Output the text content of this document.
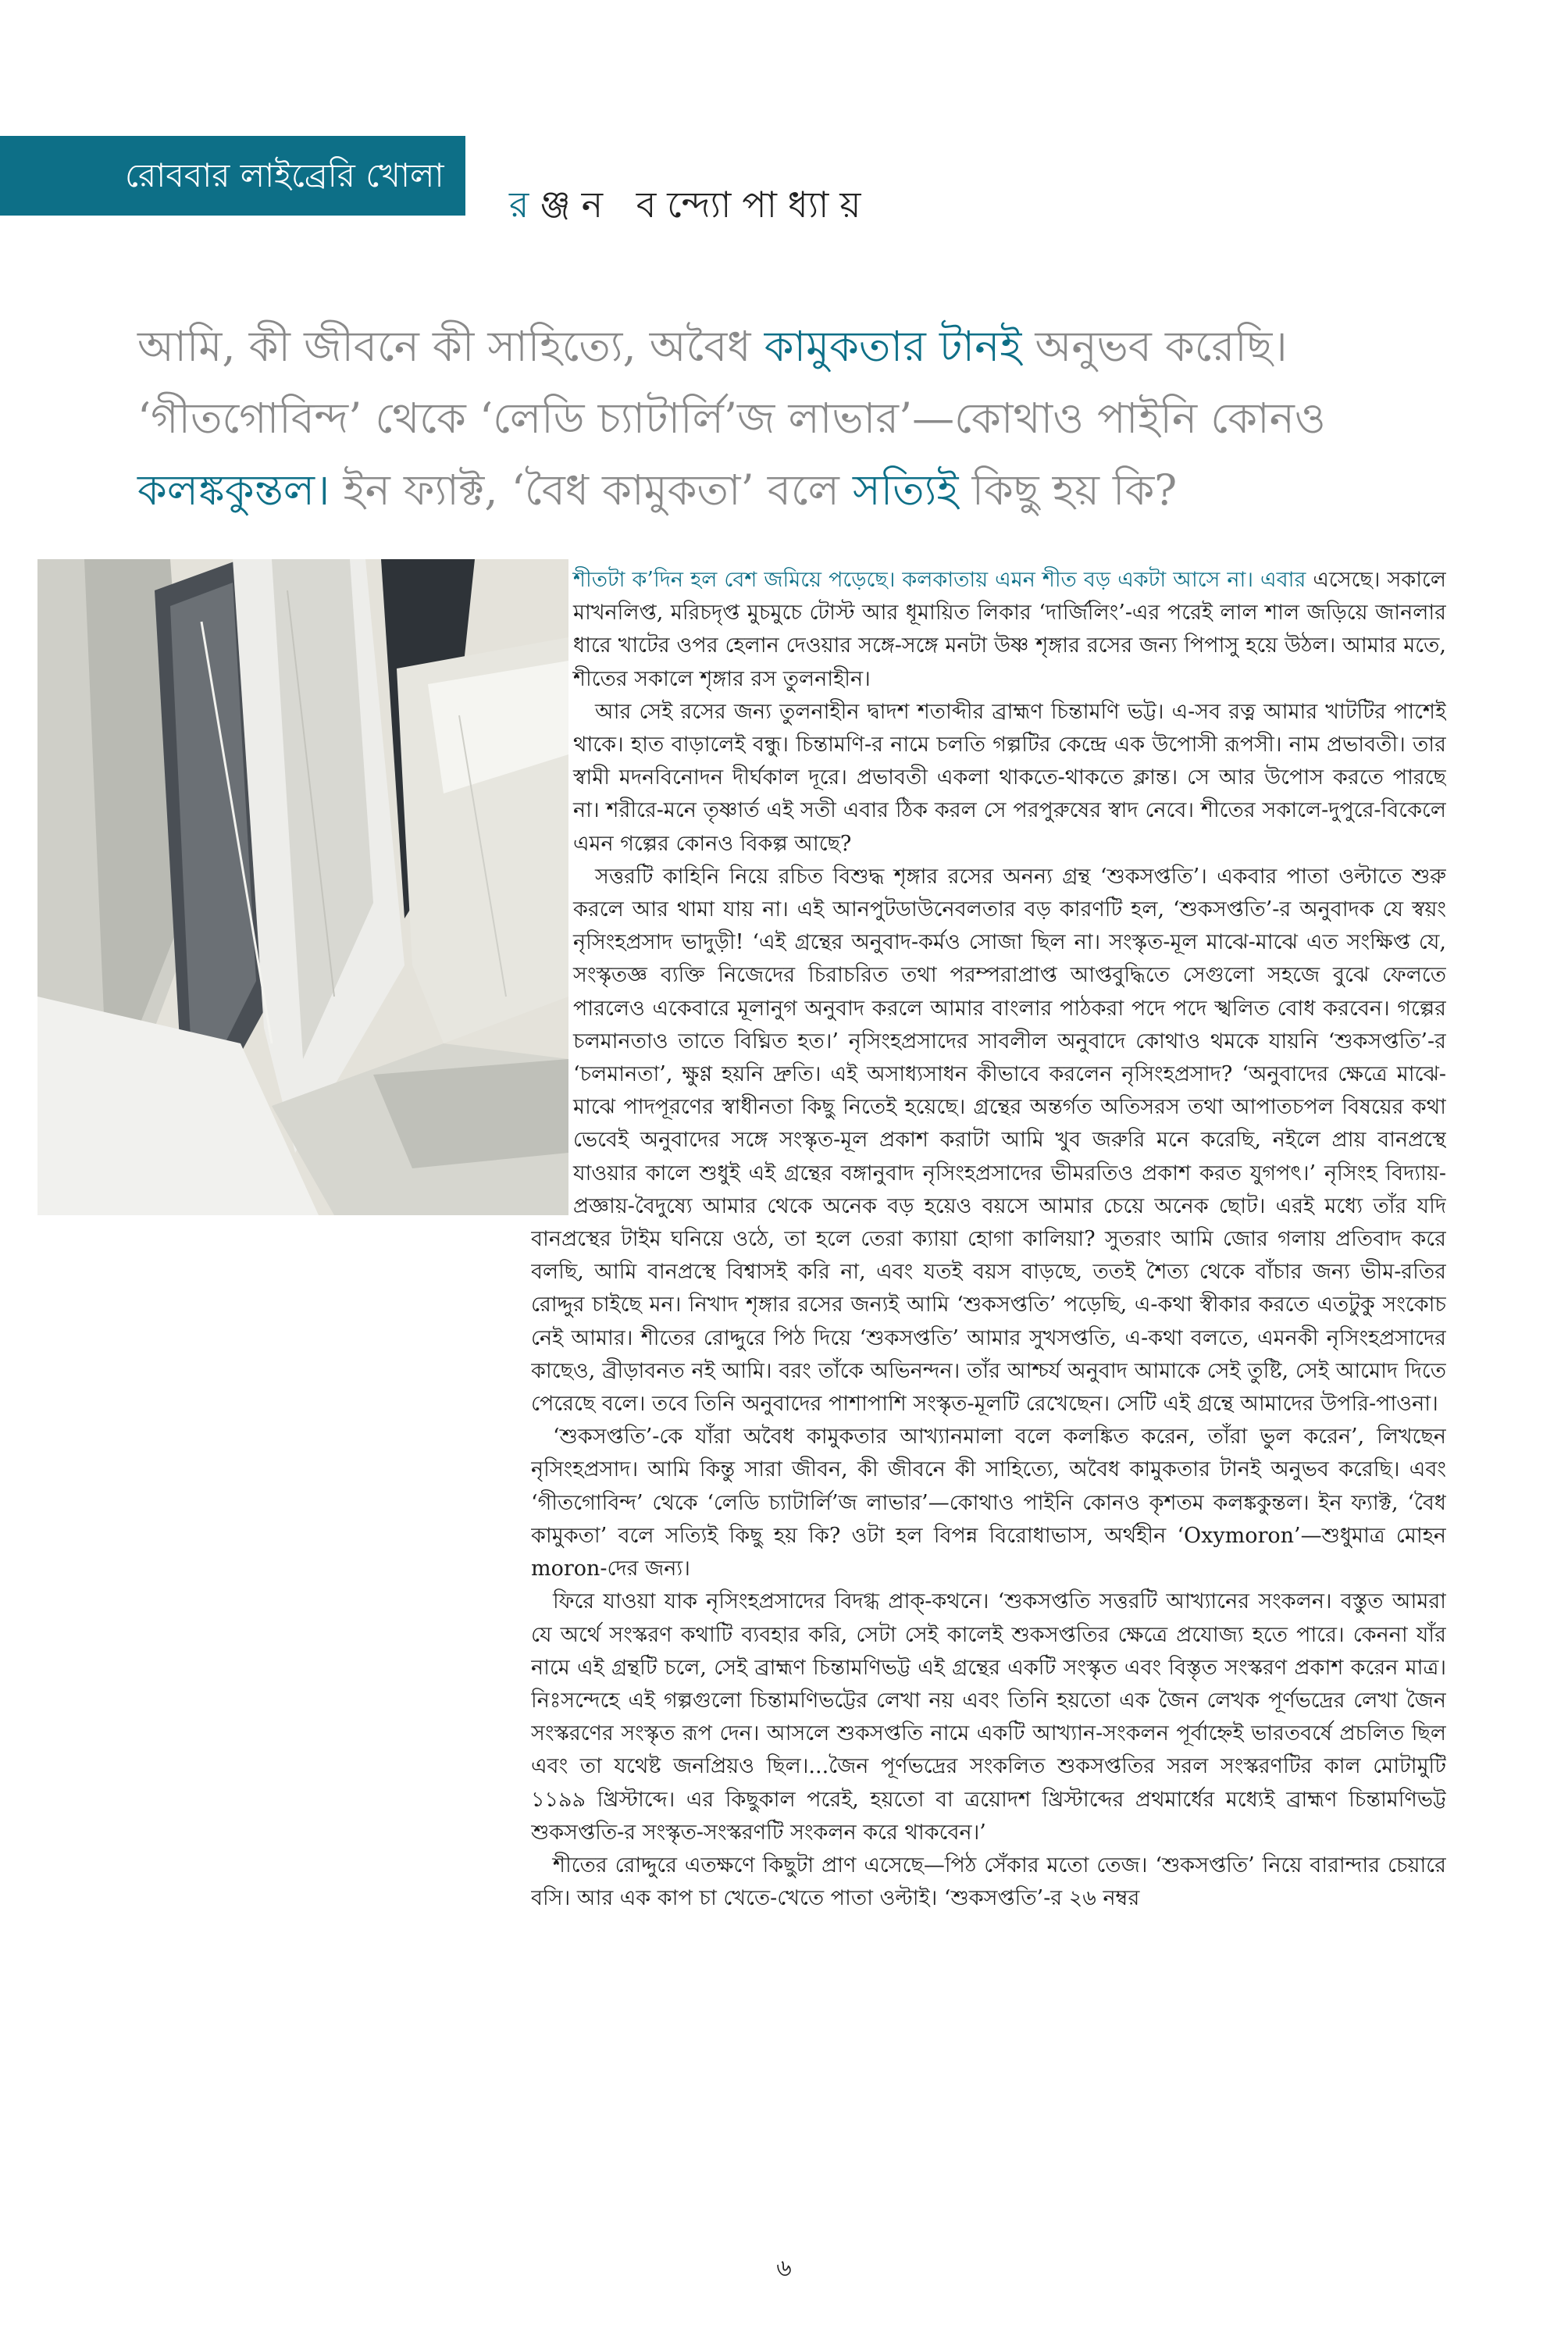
রোববার লাইব্রেরি খোলা
রঞ্জন বন্দ্যোপাধ্যায়
আমি, কী জীবনে কী সাহিত্যে, অবৈধ কামুকতার টানই অনুভব করেছি। ‘গীতগোবিন্দ’ থেকে ‘লেডি চ্যাটার্লি’জ লাভার’—কোথাও পাইনি কোনও কলঙ্ককুন্তল। ইন ফ্যাক্ট, ‘বৈধ কামুকতা’ বলে সত্যিই কিছু হয় কি?

শীতটা ক’দিন হল বেশ জমিয়ে পড়েছে। কলকাতায় এমন শীত বড় একটা আসে না। এবার এসেছে। সকালে মাখনলিপ্ত, মরিচদৃপ্ত মুচমুচে টোস্ট আর ধূমায়িত লিকার ‘দার্জিলিং’-এর পরেই লাল শাল জড়িয়ে জানলার ধারে খাটের ওপর হেলান দেওয়ার সঙ্গে-সঙ্গে মনটা উষ্ণ শৃঙ্গার রসের জন্য পিপাসু হয়ে উঠল। আমার মতে, শীতের সকালে শৃঙ্গার রস তুলনাহীন।

আর সেই রসের জন্য তুলনাহীন দ্বাদশ শতাব্দীর ব্রাহ্মণ চিন্তামণি ভট্ট। এ-সব রত্ন আমার খাটটির পাশেই থাকে। হাত বাড়ালেই বন্ধু। চিন্তামণি-র নামে চলতি গল্পটির কেন্দ্রে এক উপোসী রূপসী। নাম প্রভাবতী। তার স্বামী মদনবিনোদন দীর্ঘকাল দূরে। প্রভাবতী একলা থাকতে-থাকতে ক্লান্ত। সে আর উপোস করতে পারছে না। শরীরে-মনে তৃষ্ণার্ত এই সতী এবার ঠিক করল সে পরপুরুষের স্বাদ নেবে। শীতের সকালে-দুপুরে-বিকেলে এমন গল্পের কোনও বিকল্প আছে?

সত্তরটি কাহিনি নিয়ে রচিত বিশুদ্ধ শৃঙ্গার রসের অনন্য গ্রন্থ ‘শুকসপ্ততি’। একবার পাতা ওল্টাতে শুরু করলে আর থামা যায় না। এই আনপুটডাউনেবলতার বড় কারণটি হল, ‘শুকসপ্ততি’-র অনুবাদক যে স্বয়ং নৃসিংহপ্রসাদ ভাদুড়ী! ‘এই গ্রন্থের অনুবাদ-কর্মও সোজা ছিল না। সংস্কৃত-মূল মাঝে-মাঝে এত সংক্ষিপ্ত যে, সংস্কৃতজ্ঞ ব্যক্তি নিজেদের চিরাচরিত তথা পরম্পরাপ্রাপ্ত আপ্তবুদ্ধিতে সেগুলো সহজে বুঝে ফেলতে পারলেও একেবারে মূলানুগ অনুবাদ করলে আমার বাংলার পাঠকরা পদে পদে স্খলিত বোধ করবেন। গল্পের চলমানতাও তাতে বিঘ্নিত হত।’ নৃসিংহপ্রসাদের সাবলীল অনুবাদে কোথাও থমকে যায়নি ‘শুকসপ্ততি’-র ‘চলমানতা’, ক্ষুণ্ণ হয়নি দ্রুতি। এই অসাধ্যসাধন কীভাবে করলেন নৃসিংহপ্রসাদ? ‘অনুবাদের ক্ষেত্রে মাঝে-মাঝে পাদপূরণের স্বাধীনতা কিছু নিতেই হয়েছে। গ্রন্থের অন্তর্গত অতিসরস তথা আপাতচপল বিষয়ের কথা ভেবেই অনুবাদের সঙ্গে সংস্কৃত-মূল প্রকাশ করাটা আমি খুব জরুরি মনে করেছি, নইলে প্রায় বানপ্রস্থে যাওয়ার কালে শুধুই এই গ্রন্থের বঙ্গানুবাদ নৃসিংহপ্রসাদের ভীমরতিও প্রকাশ করত যুগপৎ।’ নৃসিংহ বিদ্যায়-প্রজ্ঞায়-বৈদুষ্যে আমার থেকে অনেক বড় হয়েও বয়সে আমার চেয়ে অনেক ছোট। এরই মধ্যে তাঁর যদি বানপ্রস্থের টাইম ঘনিয়ে ওঠে, তা হলে তেরা ক্যায়া হোগা কালিয়া? সুতরাং আমি জোর গলায় প্রতিবাদ করে বলছি, আমি বানপ্রস্থে বিশ্বাসই করি না, এবং যতই বয়স বাড়ছে, ততই শৈত্য থেকে বাঁচার জন্য ভীম-রতির রোদ্দুর চাইছে মন। নিখাদ শৃঙ্গার রসের জন্যই আমি ‘শুকসপ্ততি’ পড়েছি, এ-কথা স্বীকার করতে এতটুকু সংকোচ নেই আমার। শীতের রোদ্দুরে পিঠ দিয়ে ‘শুকসপ্ততি’ আমার সুখসপ্ততি, এ-কথা বলতে, এমনকী নৃসিংহপ্রসাদের কাছেও, ব্রীড়াবনত নই আমি। বরং তাঁকে অভিনন্দন। তাঁর আশ্চর্য অনুবাদ আমাকে সেই তুষ্টি, সেই আমোদ দিতে পেরেছে বলে। তবে তিনি অনুবাদের পাশাপাশি সংস্কৃত-মূলটি রেখেছেন। সেটি এই গ্রন্থে আমাদের উপরি-পাওনা।

‘শুকসপ্ততি’-কে যাঁরা অবৈধ কামুকতার আখ্যানমালা বলে কলঙ্কিত করেন, তাঁরা ভুল করেন’, লিখছেন নৃসিংহপ্রসাদ। আমি কিন্তু সারা জীবন, কী জীবনে কী সাহিত্যে, অবৈধ কামুকতার টানই অনুভব করেছি। এবং ‘গীতগোবিন্দ’ থেকে ‘লেডি চ্যাটার্লি’জ লাভার’—কোথাও পাইনি কোনও কৃশতম কলঙ্ককুন্তল। ইন ফ্যাক্ট, ‘বৈধ কামুকতা’ বলে সত্যিই কিছু হয় কি? ওটা হল বিপন্ন বিরোধাভাস, অর্থহীন ‘Oxymoron’—শুধুমাত্র মোহন moron-দের জন্য।

ফিরে যাওয়া যাক নৃসিংহপ্রসাদের বিদগ্ধ প্রাক্‌-কথনে। ‘শুকসপ্ততি সত্তরটি আখ্যানের সংকলন। বস্তুত আমরা যে অর্থে সংস্করণ কথাটি ব্যবহার করি, সেটা সেই কালেই শুকসপ্ততির ক্ষেত্রে প্রযোজ্য হতে পারে। কেননা যাঁর নামে এই গ্রন্থটি চলে, সেই ব্রাহ্মণ চিন্তামণিভট্ট এই গ্রন্থের একটি সংস্কৃত এবং বিস্তৃত সংস্করণ প্রকাশ করেন মাত্র। নিঃসন্দেহে এই গল্পগুলো চিন্তামণিভট্টের লেখা নয় এবং তিনি হয়তো এক জৈন লেখক পূর্ণভদ্রের লেখা জৈন সংস্করণের সংস্কৃত রূপ দেন। আসলে শুকসপ্ততি নামে একটি আখ্যান-সংকলন পূর্বাহ্নেই ভারতবর্ষে প্রচলিত ছিল এবং তা যথেষ্ট জনপ্রিয়ও ছিল।...জৈন পূর্ণভদ্রের সংকলিত শুকসপ্ততির সরল সংস্করণটির কাল মোটামুটি ১১৯৯ খ্রিস্টাব্দে। এর কিছুকাল পরেই, হয়তো বা ত্রয়োদশ খ্রিস্টাব্দের প্রথমার্ধের মধ্যেই ব্রাহ্মণ চিন্তামণিভট্ট শুকসপ্ততি-র সংস্কৃত-সংস্করণটি সংকলন করে থাকবেন।’

শীতের রোদ্দুরে এতক্ষণে কিছুটা প্রাণ এসেছে—পিঠ সেঁকার মতো তেজ। ‘শুকসপ্ততি’ নিয়ে বারান্দার চেয়ারে বসি। আর এক কাপ চা খেতে-খেতে পাতা ওল্টাই। ‘শুকসপ্ততি’-র ২৬ নম্বর

৬
